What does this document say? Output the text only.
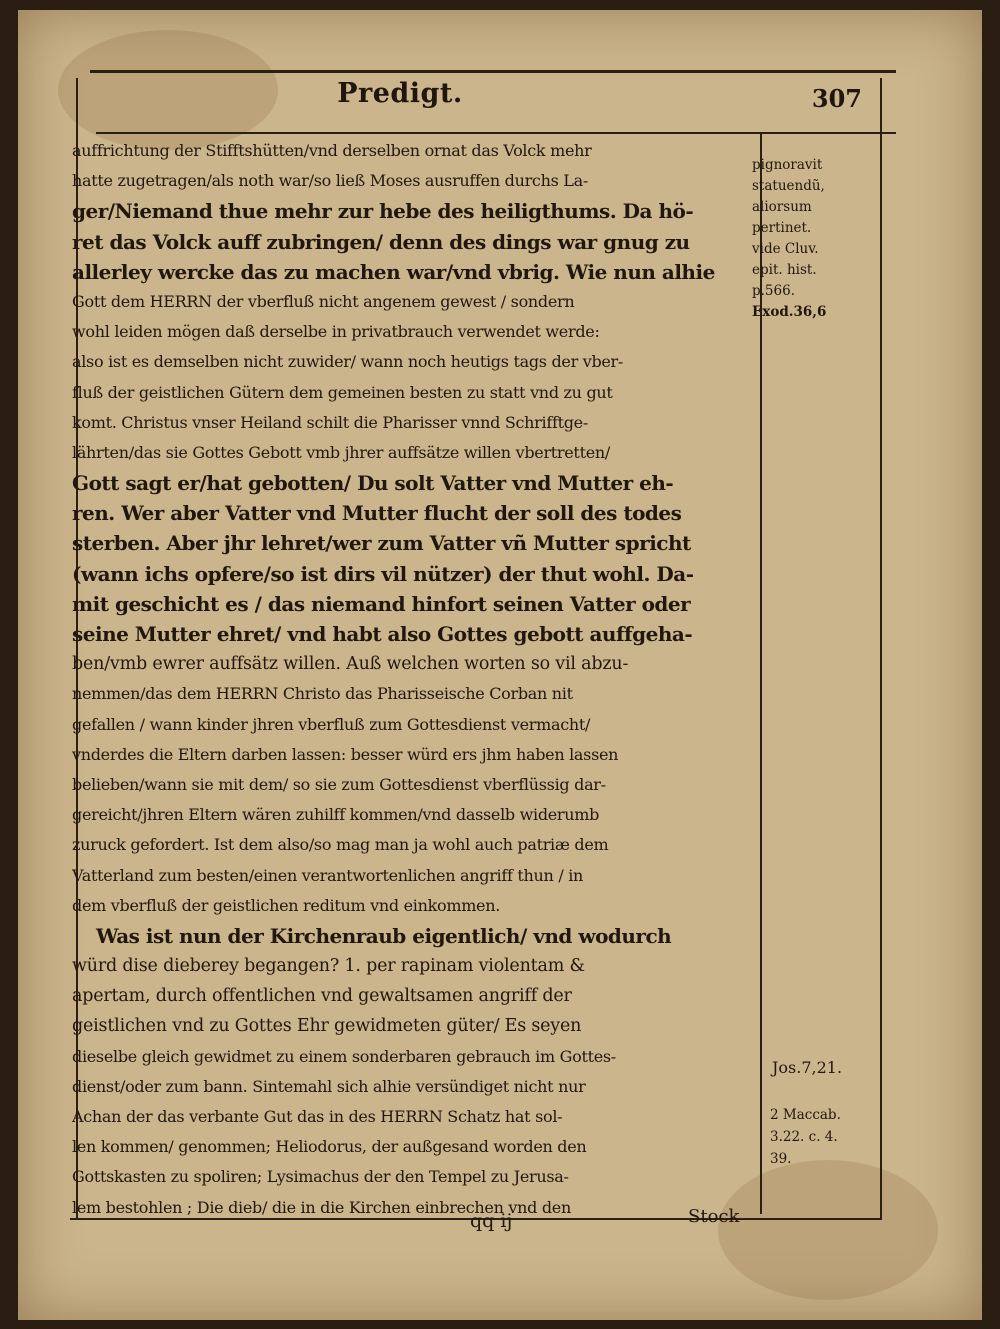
Predigt.	307
auffrichtung der Stifftshütten/vnd derselben ornat das Volck mehr
hatte zugetragen/als noth war/so ließ Moses ausruffen durchs La-
ger/Niemand thue mehr zur hebe des heiligthums. Da hö-
ret das Volck auff zubringen/ denn des dings war gnug zu
allerley wercke das zu machen war/vnd vbrig. Wie nun alhie
Gott dem HERRN der vberfluß nicht angenem gewest / sondern
wohl leiden mögen daß derselbe in privatbrauch verwendet werde:
also ist es demselben nicht zuwider/ wann noch heutigs tags der vber-
fluß der geistlichen Gütern dem gemeinen besten zu statt vnd zu gut
komt. Christus vnser Heiland schilt die Pharisser vnnd Schrifftge-
lährten/das sie Gottes Gebott vmb jhrer auffsätze willen vbertretten/
Gott sagt er/hat gebotten/ Du solt Vatter vnd Mutter eh-
ren. Wer aber Vatter vnd Mutter flucht der soll des todes
sterben. Aber jhr lehret/wer zum Vatter vñ Mutter spricht
(wann ichs opfere/so ist dirs vil nützer) der thut wohl. Da-
mit geschicht es / das niemand hinfort seinen Vatter oder
seine Mutter ehret/ vnd habt also Gottes gebott auffgeha-
ben/vmb ewrer auffsätz willen. Auß welchen worten so vil abzu-
nemmen/das dem HERRN Christo das Pharisseische Corban nit
gefallen / wann kinder jhren vberfluß zum Gottesdienst vermacht/
vnderdes die Eltern darben lassen: besser würd ers jhm haben lassen
belieben/wann sie mit dem/ so sie zum Gottesdienst vberflüssig dar-
gereicht/jhren Eltern wären zuhilff kommen/vnd dasselb widerumb
zuruck gefordert. Ist dem also/so mag man ja wohl auch patriæ dem
Vatterland zum besten/einen verantwortenlichen angriff thun / in
dem vberfluß der geistlichen reditum vnd einkommen.
Was ist nun der Kirchenraub eigentlich/ vnd wodurch
würd dise dieberey begangen? 1. per rapinam violentam &
apertam, durch offentlichen vnd gewaltsamen angriff der
geistlichen vnd zu Gottes Ehr gewidmeten güter/ Es seyen
dieselbe gleich gewidmet zu einem sonderbaren gebrauch im Gottes-
dienst/oder zum bann. Sintemahl sich alhie versündiget nicht nur
Achan der das verbante Gut das in des HERRN Schatz hat sol-
len kommen/ genommen; Heliodorus, der außgesand worden den
Gottskasten zu spoliren; Lysimachus der den Tempel zu Jerusa-
lem bestohlen ; Die dieb/ die in die Kirchen einbrechen vnd den
pignoravit
statuendũ,
aliorsum
pertinet.
vide Cluv.
epit. hist.
p.566.
Exod.36,6
Jos.7,21.
2 Maccab.
3.22. c. 4.
39.
qq ij	Stock
